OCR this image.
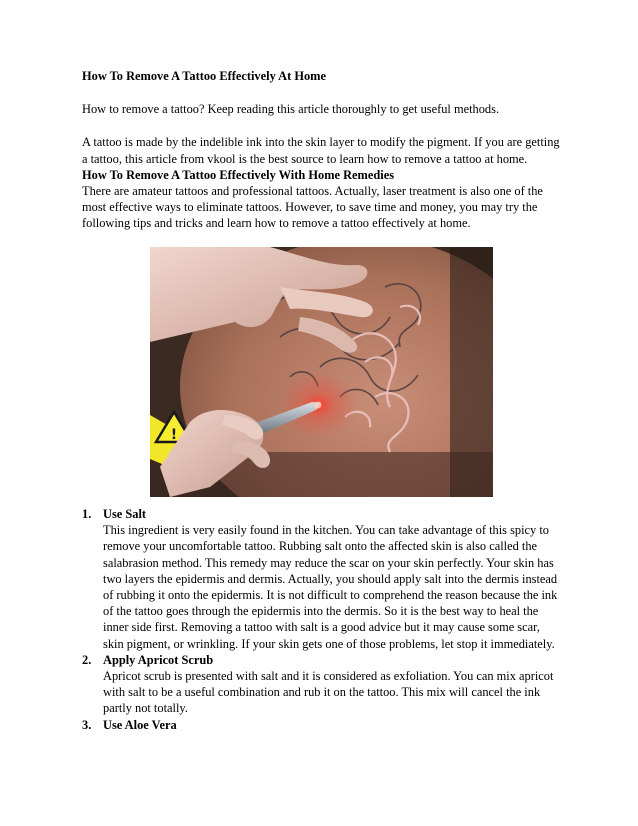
How To Remove A Tattoo Effectively At Home

How to remove a tattoo? Keep reading this article thoroughly to get useful methods.

A tattoo is made by the indelible ink into the skin layer to modify the pigment. If you are getting a tattoo, this article from vkool is the best source to learn how to remove a tattoo at home.

How To Remove A Tattoo Effectively With Home Remedies

There are amateur tattoos and professional tattoos. Actually, laser treatment is also one of the most effective ways to eliminate tattoos. However, to save time and money, you may try the following tips and tricks and learn how to remove a tattoo effectively at home.

!
1. Use Salt
This ingredient is very easily found in the kitchen. You can take advantage of this spicy to remove your uncomfortable tattoo. Rubbing salt onto the affected skin is also called the salabrasion method. This remedy may reduce the scar on your skin perfectly. Your skin has two layers the epidermis and dermis. Actually, you should apply salt into the dermis instead of rubbing it onto the epidermis. It is not difficult to comprehend the reason because the ink of the tattoo goes through the epidermis into the dermis. So it is the best way to heal the inner side first. Removing a tattoo with salt is a good advice but it may cause some scar, skin pigment, or wrinkling. If your skin gets one of those problems, let stop it immediately.
2. Apply Apricot Scrub
Apricot scrub is presented with salt and it is considered as exfoliation. You can mix apricot with salt to be a useful combination and rub it on the tattoo. This mix will cancel the ink partly not totally.
3. Use Aloe Vera
